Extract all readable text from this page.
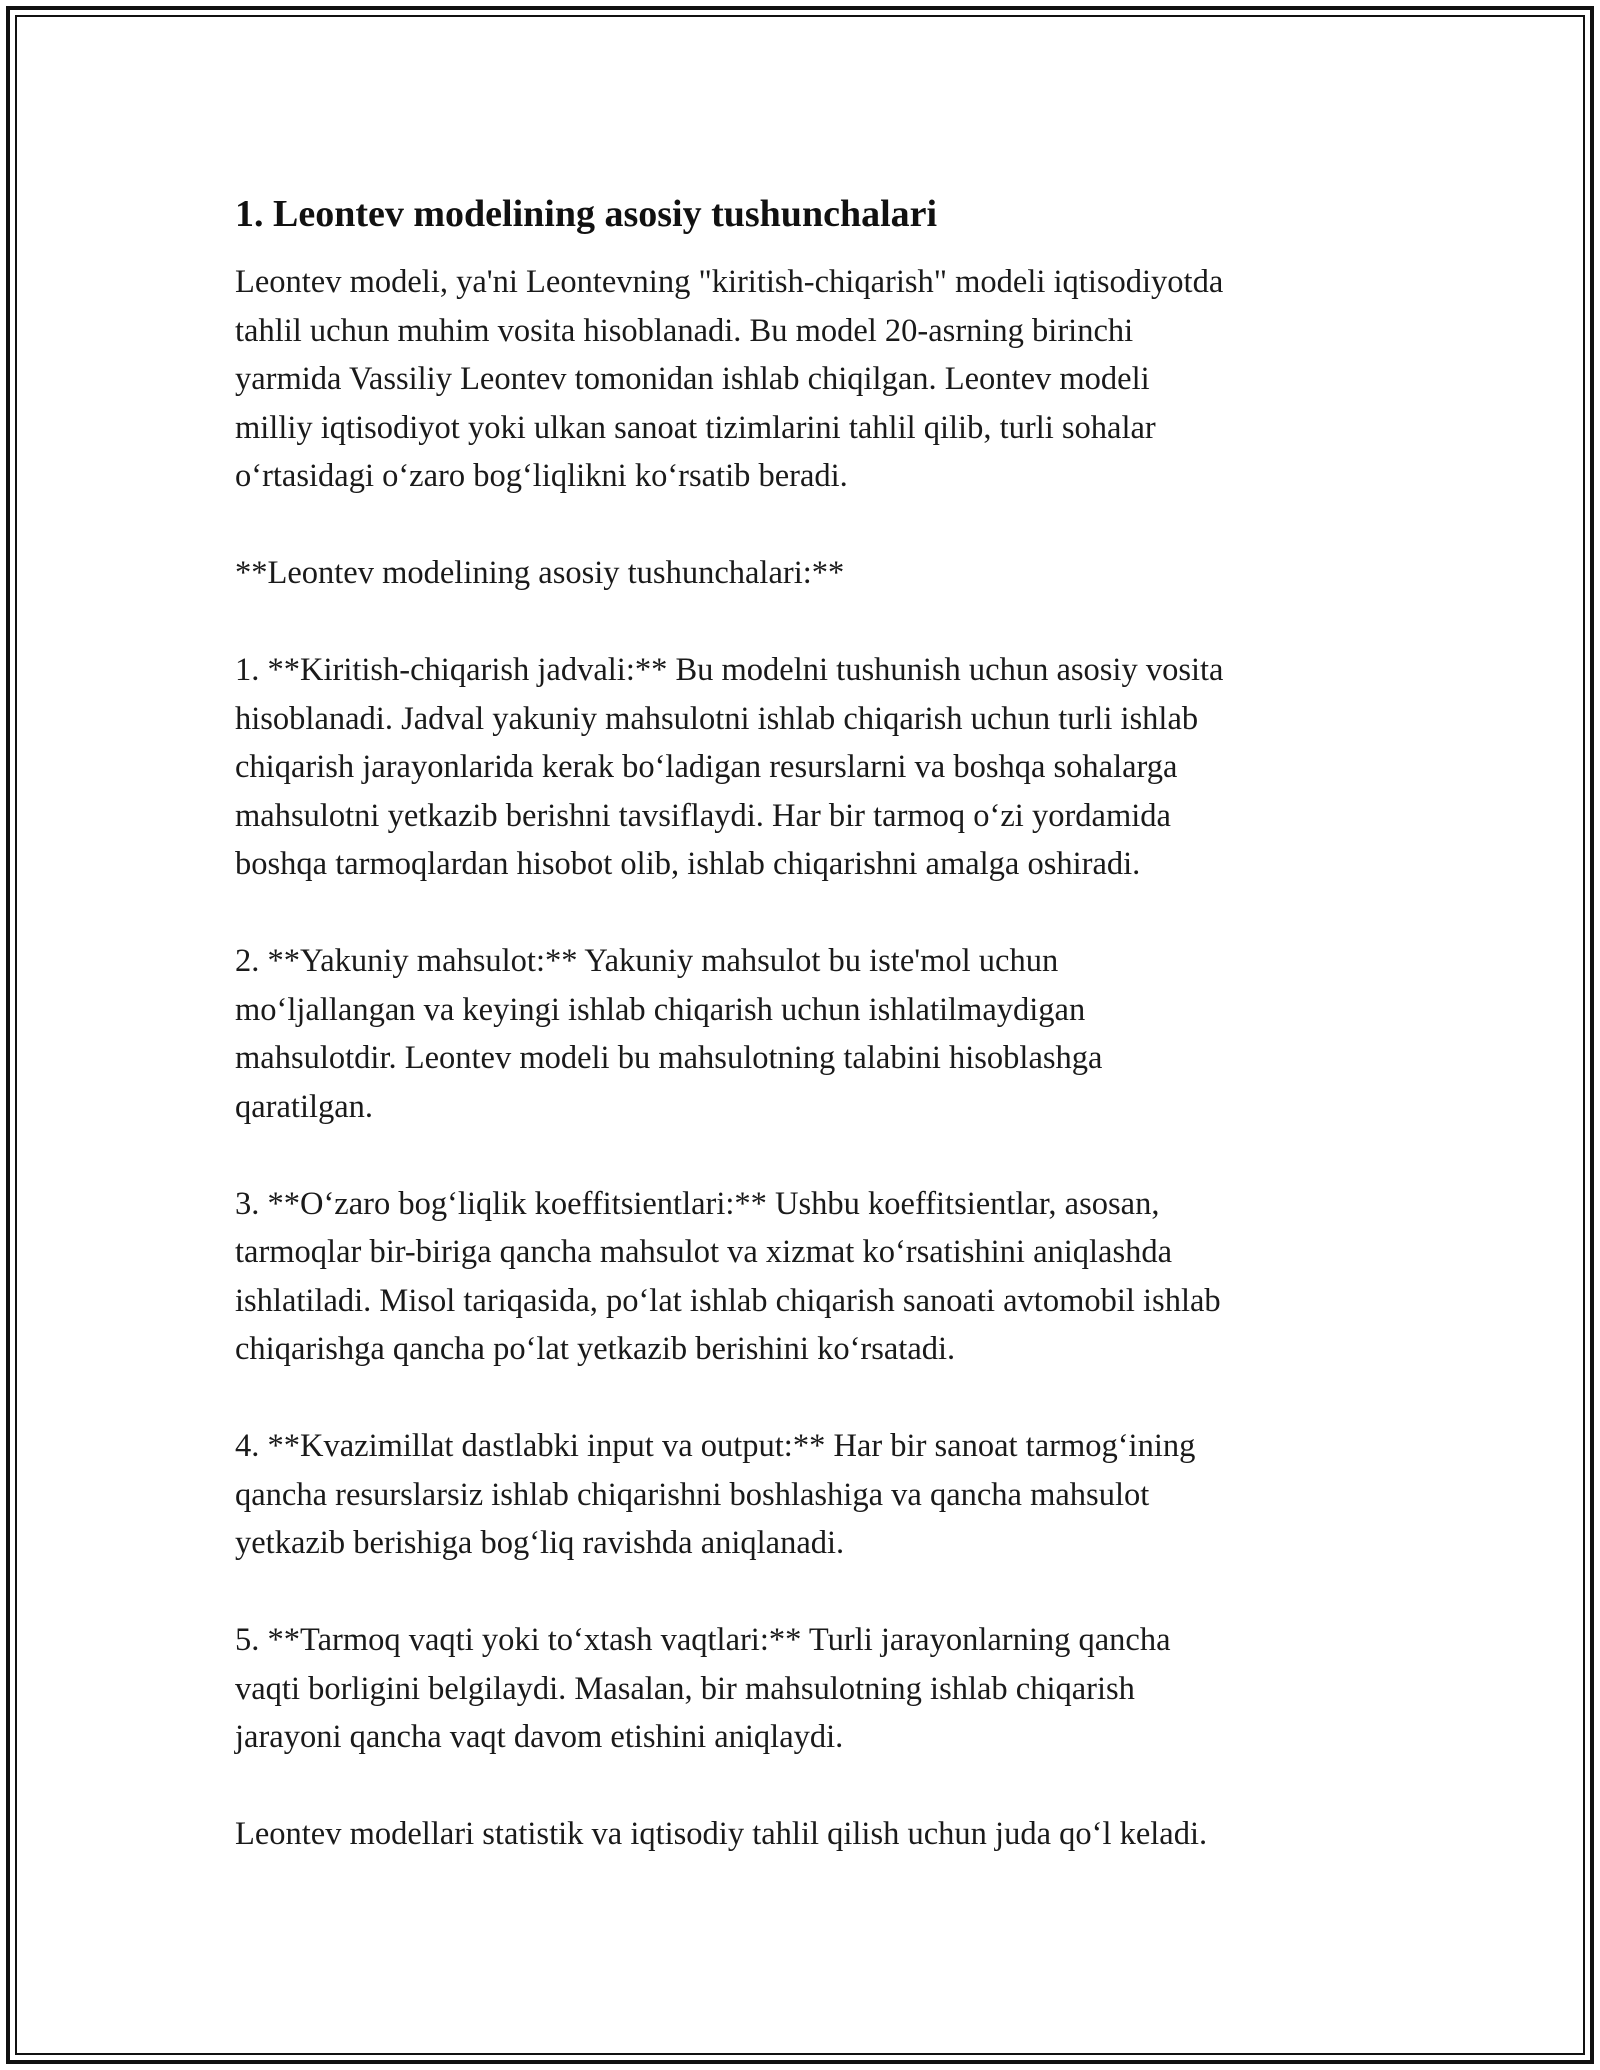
1. Leontev modelining asosiy tushunchalari

Leontev modeli, ya'ni Leontevning "kiritish-chiqarish" modeli iqtisodiyotda
tahlil uchun muhim vosita hisoblanadi. Bu model 20-asrning birinchi
yarmida Vassiliy Leontev tomonidan ishlab chiqilgan. Leontev modeli
milliy iqtisodiyot yoki ulkan sanoat tizimlarini tahlil qilib, turli sohalar
o‘rtasidagi o‘zaro bog‘liqlikni ko‘rsatib beradi.

**Leontev modelining asosiy tushunchalari:**

1. **Kiritish-chiqarish jadvali:** Bu modelni tushunish uchun asosiy vosita
hisoblanadi. Jadval yakuniy mahsulotni ishlab chiqarish uchun turli ishlab
chiqarish jarayonlarida kerak bo‘ladigan resurslarni va boshqa sohalarga
mahsulotni yetkazib berishni tavsiflaydi. Har bir tarmoq o‘zi yordamida
boshqa tarmoqlardan hisobot olib, ishlab chiqarishni amalga oshiradi.

2. **Yakuniy mahsulot:** Yakuniy mahsulot bu iste'mol uchun
mo‘ljallangan va keyingi ishlab chiqarish uchun ishlatilmaydigan
mahsulotdir. Leontev modeli bu mahsulotning talabini hisoblashga
qaratilgan.

3. **O‘zaro bog‘liqlik koeffitsientlari:** Ushbu koeffitsientlar, asosan,
tarmoqlar bir-biriga qancha mahsulot va xizmat ko‘rsatishini aniqlashda
ishlatiladi. Misol tariqasida, po‘lat ishlab chiqarish sanoati avtomobil ishlab
chiqarishga qancha po‘lat yetkazib berishini ko‘rsatadi.

4. **Kvazimillat dastlabki input va output:** Har bir sanoat tarmog‘ining
qancha resurslarsiz ishlab chiqarishni boshlashiga va qancha mahsulot
yetkazib berishiga bog‘liq ravishda aniqlanadi.

5. **Tarmoq vaqti yoki to‘xtash vaqtlari:** Turli jarayonlarning qancha
vaqti borligini belgilaydi. Masalan, bir mahsulotning ishlab chiqarish
jarayoni qancha vaqt davom etishini aniqlaydi.

Leontev modellari statistik va iqtisodiy tahlil qilish uchun juda qo‘l keladi.
